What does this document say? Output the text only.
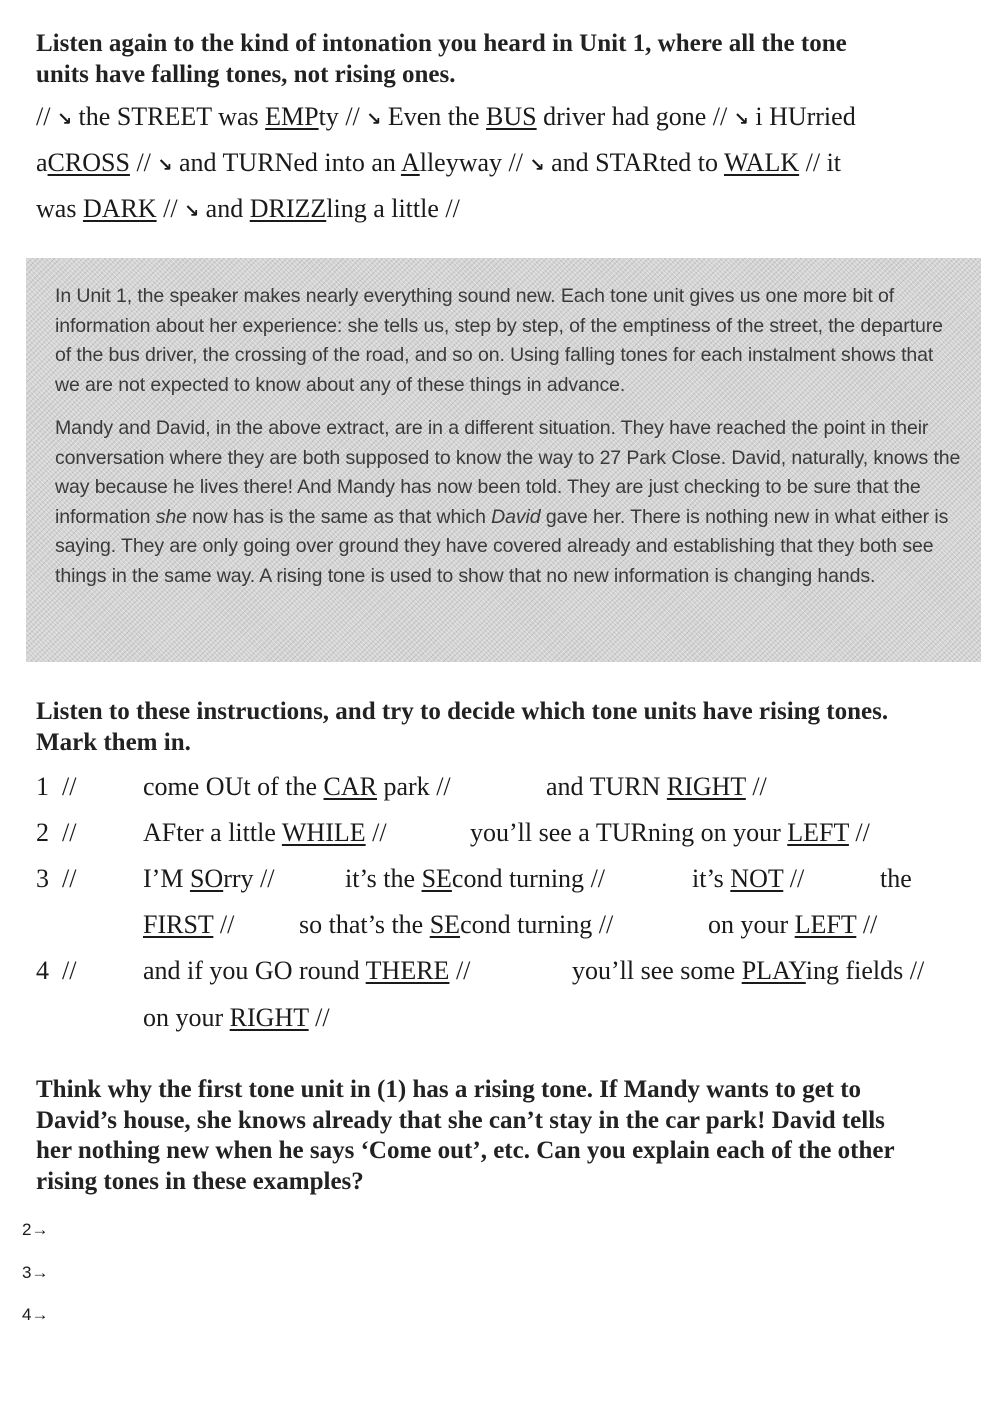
Listen again to the kind of intonation you heard in Unit 1, where all the tone
units have falling tones, not rising ones.
// ↘ the STREET was EMPty // ↘ Even the BUS driver had gone // ↘ i HUrried
aCROSS // ↘ and TURNed into an Alleyway // ↘ and STARted to WALK // it
was DARK // ↘ and DRIZZling a little //

In Unit 1, the speaker makes nearly everything sound new. Each tone unit gives us one more bit of information about her experience: she tells us, step by step, of the emptiness of the street, the departure of the bus driver, the crossing of the road, and so on. Using falling tones for each instalment shows that we are not expected to know about any of these things in advance.

Mandy and David, in the above extract, are in a different situation. They have reached the point in their conversation where they are both supposed to know the way to 27 Park Close. David, naturally, knows the way because he lives there! And Mandy has now been told. They are just checking to be sure that the information she now has is the same as that which David gave her. There is nothing new in what either is saying. They are only going over ground they have covered already and establishing that they both see things in the same way. A rising tone is used to show that no new information is changing hands.

Listen to these instructions, and try to decide which tone units have rising tones.
Mark them in.
1 //	come OUt of the CAR park //	and TURN RIGHT //
2 //	AFter a little WHILE //	you’ll see a TURning on your LEFT //
3 //	I’M SOrry //	it’s the SEcond turning //	it’s NOT //	the
FIRST // so that’s the SEcond turning //	on your LEFT //
4 //	and if you GO round THERE //	you’ll see some PLAYing fields //
on your RIGHT //
Think why the first tone unit in (1) has a rising tone. If Mandy wants to get to
David’s house, she knows already that she can’t stay in the car park! David tells
her nothing new when he says ‘Come out’, etc. Can you explain each of the other
rising tones in these examples?
2→
3→
4→
